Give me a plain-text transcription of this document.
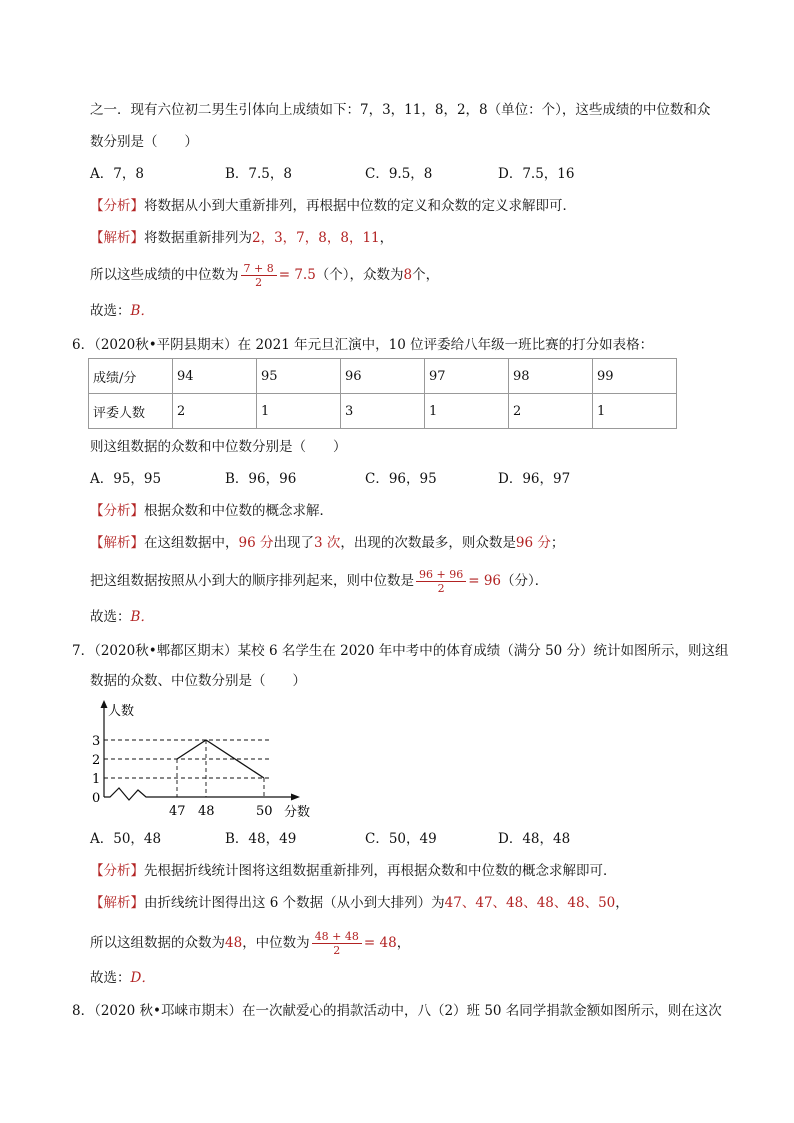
之一．现有六位初二男生引体向上成绩如下：7，3，11，8，2，8（单位：个），这些成绩的中位数和众
数分别是（　　）
A．7，8	B．7.5，8	C．9.5，8	D．7.5，16
【分析】将数据从小到大重新排列，再根据中位数的定义和众数的定义求解即可．
【解析】将数据重新排列为2，3，7，8，8，11，
所以这些成绩的中位数为 $\frac{7 + 8}{2} = 7.5$（个），众数为8个，
故选：B．
6．（2020秋•平阴县期末）在 2021 年元旦汇演中，10 位评委给八年级一班比赛的打分如表格：
成绩/分	94	95	96	97	98	99
评委人数	2	1	3	1	2	1
则这组数据的众数和中位数分别是（　　）
A．95，95	B．96，96	C．96，95	D．96，97
【分析】根据众数和中位数的概念求解．
【解析】在这组数据中，96 分出现了3 次，出现的次数最多，则众数是96 分；
把这组数据按照从小到大的顺序排列起来，则中位数是 $\frac{96 + 96}{2} = 96$（分）．
故选：B．
7．（2020秋•郫都区期末）某校 6 名学生在 2020 年中考中的体育成绩（满分 50 分）统计如图所示，则这组
数据的众数、中位数分别是（　　）
人数
分数
0
1
2
3
47 48	50
A．50，48	B．48，49	C．50，49	D．48，48
【分析】先根据折线统计图将这组数据重新排列，再根据众数和中位数的概念求解即可．
【解析】由折线统计图得出这 6 个数据（从小到大排列）为47、47、48、48、48、50，
所以这组数据的众数为48，中位数为 $\frac{48 + 48}{2} = 48$，
故选：D．
8．（2020 秋•邛崃市期末）在一次献爱心的捐款活动中，八（2）班 50 名同学捐款金额如图所示，则在这次
